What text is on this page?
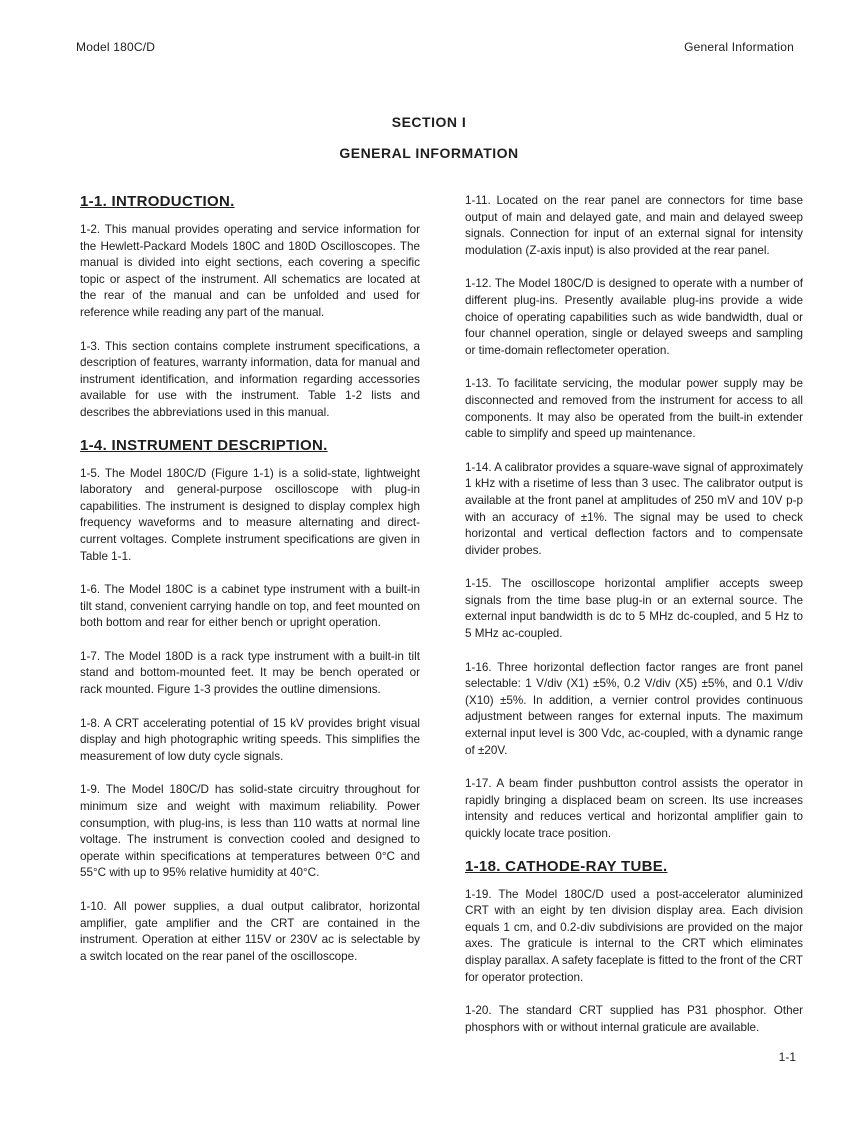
Model 180C/D	General Information
SECTION I
GENERAL INFORMATION
1-1. INTRODUCTION.

1-2. This manual provides operating and service information for the Hewlett-Packard Models 180C and 180D Oscilloscopes. The manual is divided into eight sections, each covering a specific topic or aspect of the instrument. All schematics are located at the rear of the manual and can be unfolded and used for reference while reading any part of the manual.

1-3. This section contains complete instrument specifications, a description of features, warranty information, data for manual and instrument identification, and information regarding accessories available for use with the instrument. Table 1-2 lists and describes the abbreviations used in this manual.

1-4. INSTRUMENT DESCRIPTION.

1-5. The Model 180C/D (Figure 1-1) is a solid-state, lightweight laboratory and general-purpose oscilloscope with plug-in capabilities. The instrument is designed to display complex high frequency waveforms and to measure alternating and direct-current voltages. Complete instrument specifications are given in Table 1-1.

1-6. The Model 180C is a cabinet type instrument with a built-in tilt stand, convenient carrying handle on top, and feet mounted on both bottom and rear for either bench or upright operation.

1-7. The Model 180D is a rack type instrument with a built-in tilt stand and bottom-mounted feet. It may be bench operated or rack mounted. Figure 1-3 provides the outline dimensions.

1-8. A CRT accelerating potential of 15 kV provides bright visual display and high photographic writing speeds. This simplifies the measurement of low duty cycle signals.

1-9. The Model 180C/D has solid-state circuitry throughout for minimum size and weight with maximum reliability. Power consumption, with plug-ins, is less than 110 watts at normal line voltage. The instrument is convection cooled and designed to operate within specifications at temperatures between 0°C and 55°C with up to 95% relative humidity at 40°C.

1-10. All power supplies, a dual output calibrator, horizontal amplifier, gate amplifier and the CRT are contained in the instrument. Operation at either 115V or 230V ac is selectable by a switch located on the rear panel of the oscilloscope.

1-11. Located on the rear panel are connectors for time base output of main and delayed gate, and main and delayed sweep signals. Connection for input of an external signal for intensity modulation (Z-axis input) is also provided at the rear panel.

1-12. The Model 180C/D is designed to operate with a number of different plug-ins. Presently available plug-ins provide a wide choice of operating capabilities such as wide bandwidth, dual or four channel operation, single or delayed sweeps and sampling or time-domain reflectometer operation.

1-13. To facilitate servicing, the modular power supply may be disconnected and removed from the instrument for access to all components. It may also be operated from the built-in extender cable to simplify and speed up maintenance.

1-14. A calibrator provides a square-wave signal of approximately 1 kHz with a risetime of less than 3 usec. The calibrator output is available at the front panel at amplitudes of 250 mV and 10V p-p with an accuracy of ±1%. The signal may be used to check horizontal and vertical deflection factors and to compensate divider probes.

1-15. The oscilloscope horizontal amplifier accepts sweep signals from the time base plug-in or an external source. The external input bandwidth is dc to 5 MHz dc-coupled, and 5 Hz to 5 MHz ac-coupled.

1-16. Three horizontal deflection factor ranges are front panel selectable: 1 V/div (X1) ±5%, 0.2 V/div (X5) ±5%, and 0.1 V/div (X10) ±5%. In addition, a vernier control provides continuous adjustment between ranges for external inputs. The maximum external input level is 300 Vdc, ac-coupled, with a dynamic range of ±20V.

1-17. A beam finder pushbutton control assists the operator in rapidly bringing a displaced beam on screen. Its use increases intensity and reduces vertical and horizontal amplifier gain to quickly locate trace position.

1-18. CATHODE-RAY TUBE.

1-19. The Model 180C/D used a post-accelerator aluminized CRT with an eight by ten division display area. Each division equals 1 cm, and 0.2-div subdivisions are provided on the major axes. The graticule is internal to the CRT which eliminates display parallax. A safety faceplate is fitted to the front of the CRT for operator protection.

1-20. The standard CRT supplied has P31 phosphor. Other phosphors with or without internal graticule are available.

1-1
